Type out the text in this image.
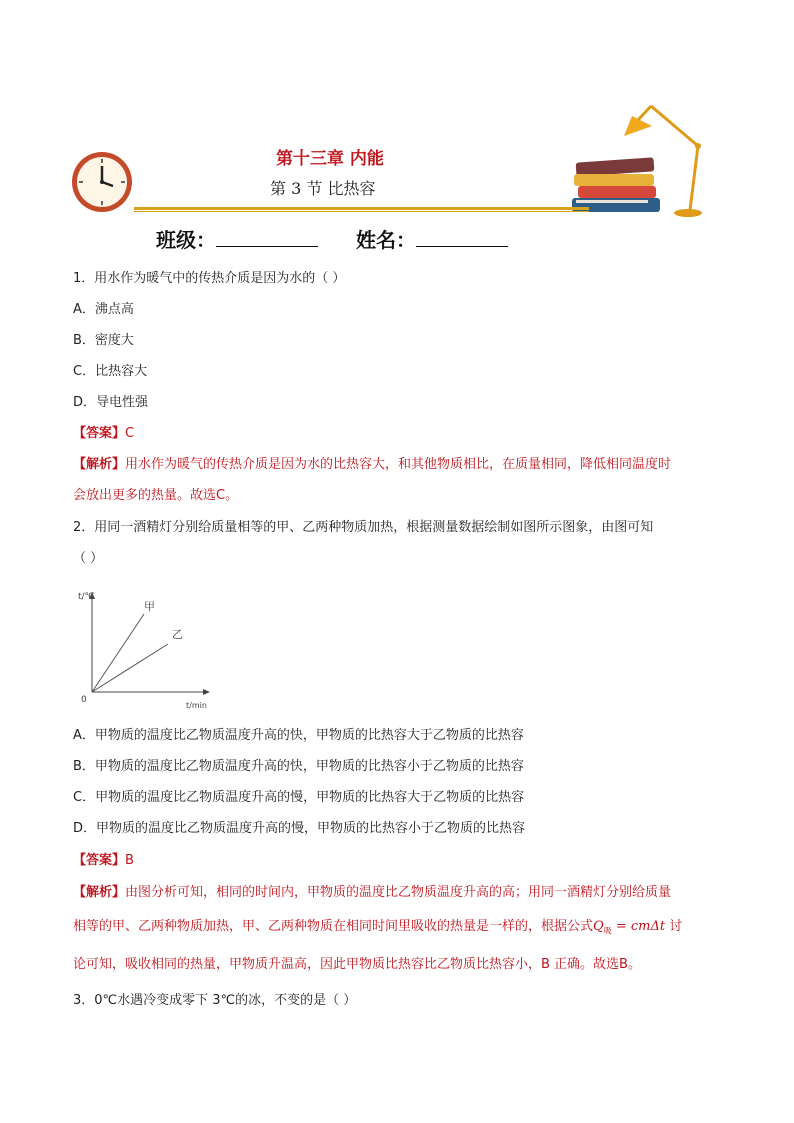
第十三章 内能
第 3 节 比热容
班级：	姓名：
1．用水作为暖气中的传热介质是因为水的（ ）
A．沸点高
B．密度大
C．比热容大
D．导电性强
【答案】C
【解析】用水作为暖气的传热介质是因为水的比热容大，和其他物质相比，在质量相同，降低相同温度时
会放出更多的热量。故选C。
2．用同一酒精灯分别给质量相等的甲、乙两种物质加热，根据测量数据绘制如图所示图象，由图可知
（ ）
t/℃
t/min
0
甲
乙
A．甲物质的温度比乙物质温度升高的快，甲物质的比热容大于乙物质的比热容
B．甲物质的温度比乙物质温度升高的快，甲物质的比热容小于乙物质的比热容
C．甲物质的温度比乙物质温度升高的慢，甲物质的比热容大于乙物质的比热容
D．甲物质的温度比乙物质温度升高的慢，甲物质的比热容小于乙物质的比热容
【答案】B
【解析】由图分析可知，相同的时间内，甲物质的温度比乙物质温度升高的高；用同一酒精灯分别给质量
相等的甲、乙两种物质加热，甲、乙两种物质在相同时间里吸收的热量是一样的，根据公式$Q_吸 = cm\Delta t$ 讨
论可知，吸收相同的热量，甲物质升温高，因此甲物质比热容比乙物质比热容小，B 正确。故选B。
3．0℃水遇冷变成零下 3℃的冰，不变的是（ ）
